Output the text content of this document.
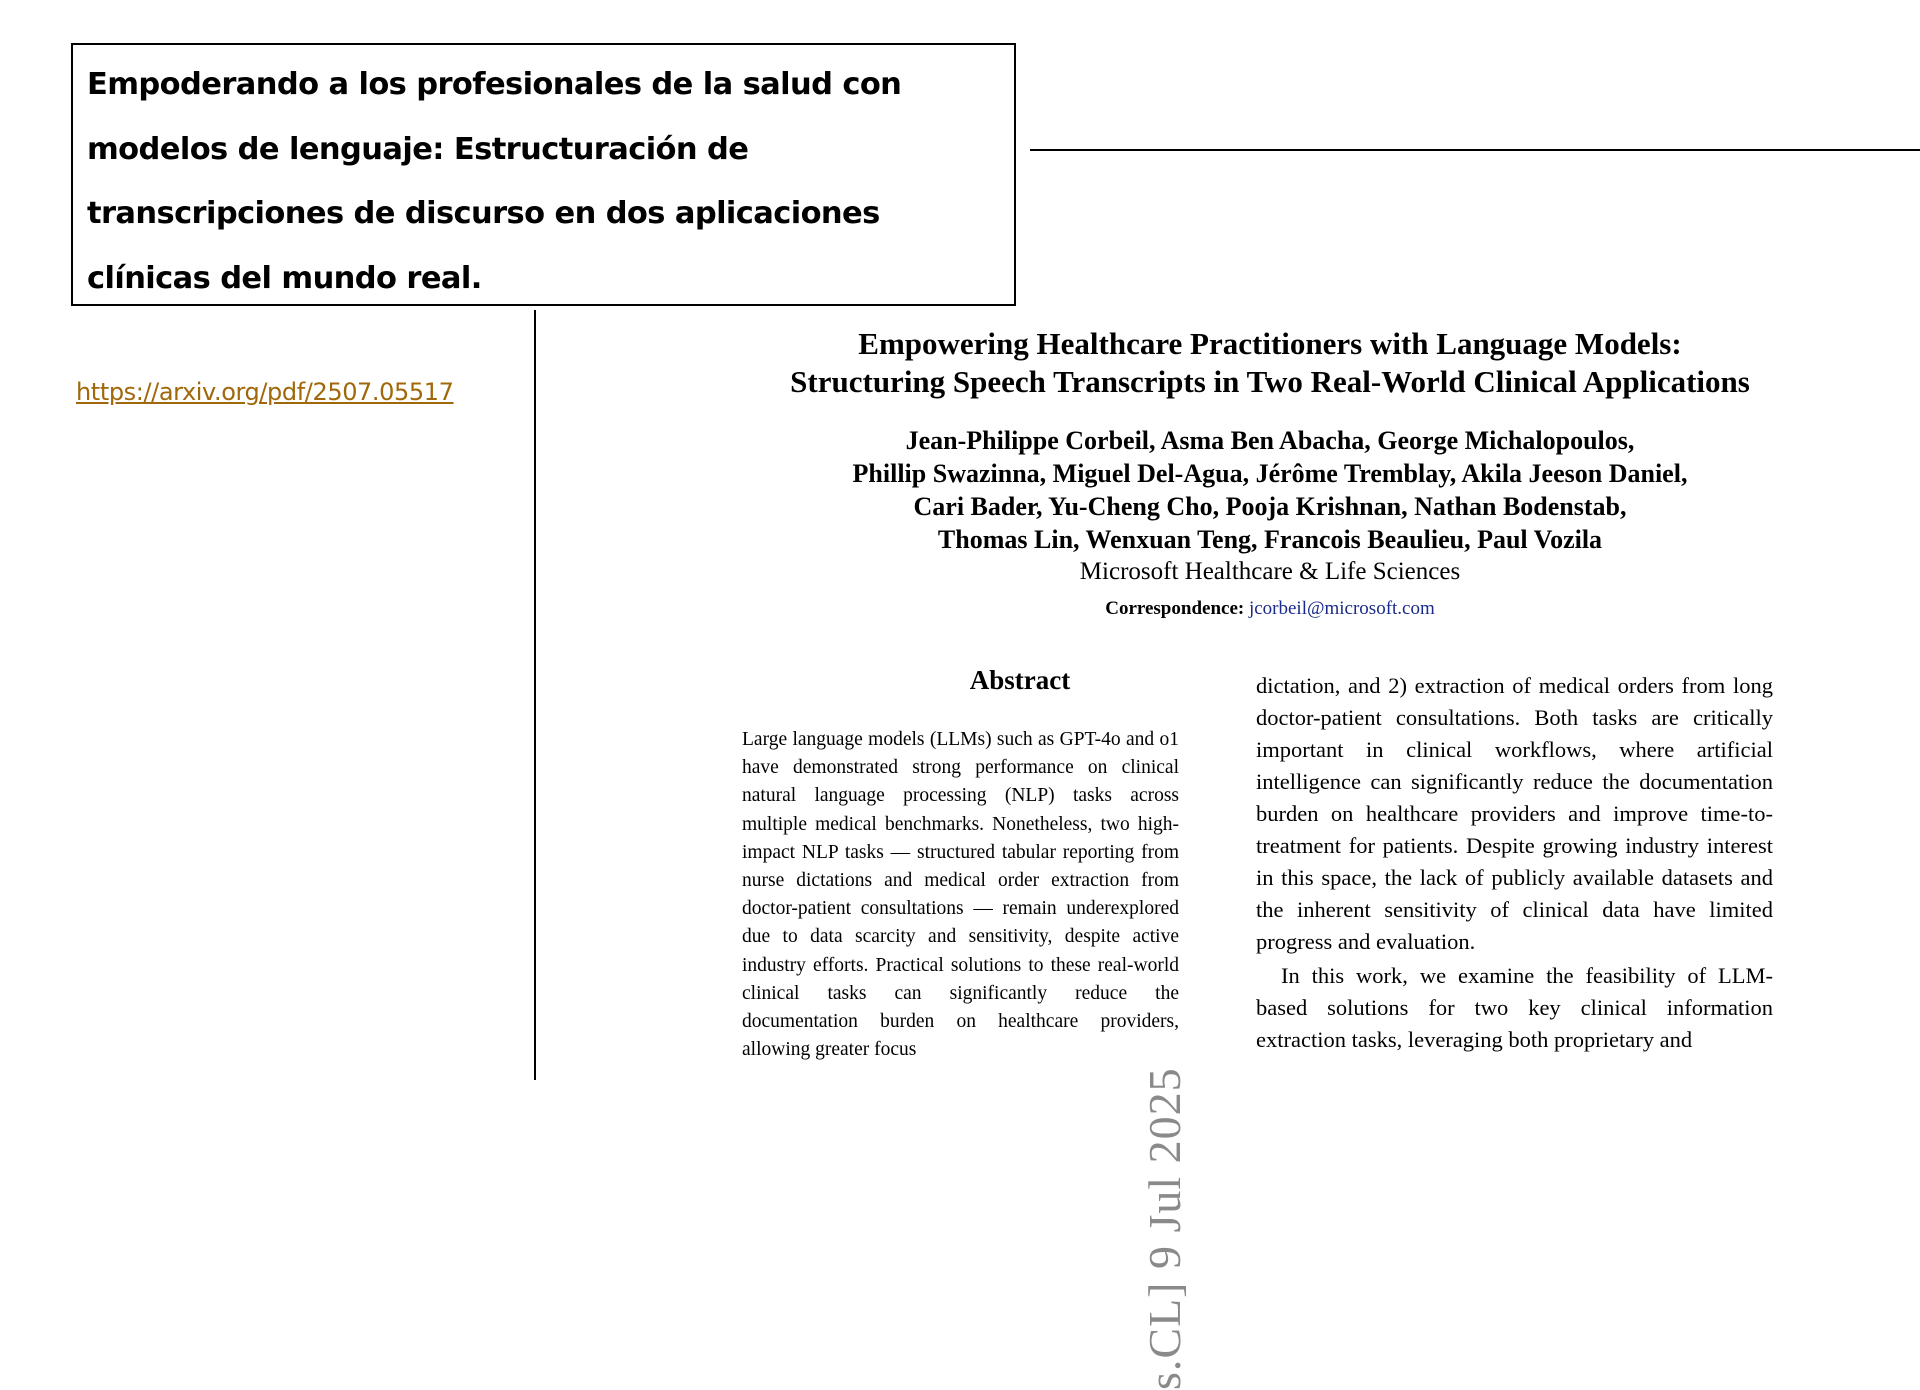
s.CL] 9 Jul 2025
Empowering Healthcare Practitioners with Language Models:
Structuring Speech Transcripts in Two Real-World Clinical Applications
Jean-Philippe Corbeil, Asma Ben Abacha, George Michalopoulos,
Phillip Swazinna, Miguel Del-Agua, Jérôme Tremblay, Akila Jeeson Daniel,
Cari Bader, Yu-Cheng Cho, Pooja Krishnan, Nathan Bodenstab,
Thomas Lin, Wenxuan Teng, Francois Beaulieu, Paul Vozila
Microsoft Healthcare & Life Sciences
Correspondence: jcorbeil@microsoft.com
Abstract

Large language models (LLMs) such as GPT-4o and o1 have demonstrated strong performance on clinical natural language processing (NLP) tasks across multiple medical benchmarks. Nonetheless, two high-impact NLP tasks — structured tabular reporting from nurse dictations and medical order extraction from doctor-patient consultations — remain underexplored due to data scarcity and sensitivity, despite active industry efforts. Practical solutions to these real-world clinical tasks can significantly reduce the documentation burden on healthcare providers, allowing greater focus

dictation, and 2) extraction of medical orders from long doctor-patient consultations. Both tasks are critically important in clinical workflows, where artificial intelligence can significantly reduce the documentation burden on healthcare providers and improve time-to-treatment for patients. Despite growing industry interest in this space, the lack of publicly available datasets and the inherent sensitivity of clinical data have limited progress and evaluation.

In this work, we examine the feasibility of LLM-based solutions for two key clinical information extraction tasks, leveraging both proprietary and

Empoderando a los profesionales de la salud con modelos de lenguaje: Estructuración de transcripciones de discurso en dos aplicaciones clínicas del mundo real.

https://arxiv.org/pdf/2507.05517
